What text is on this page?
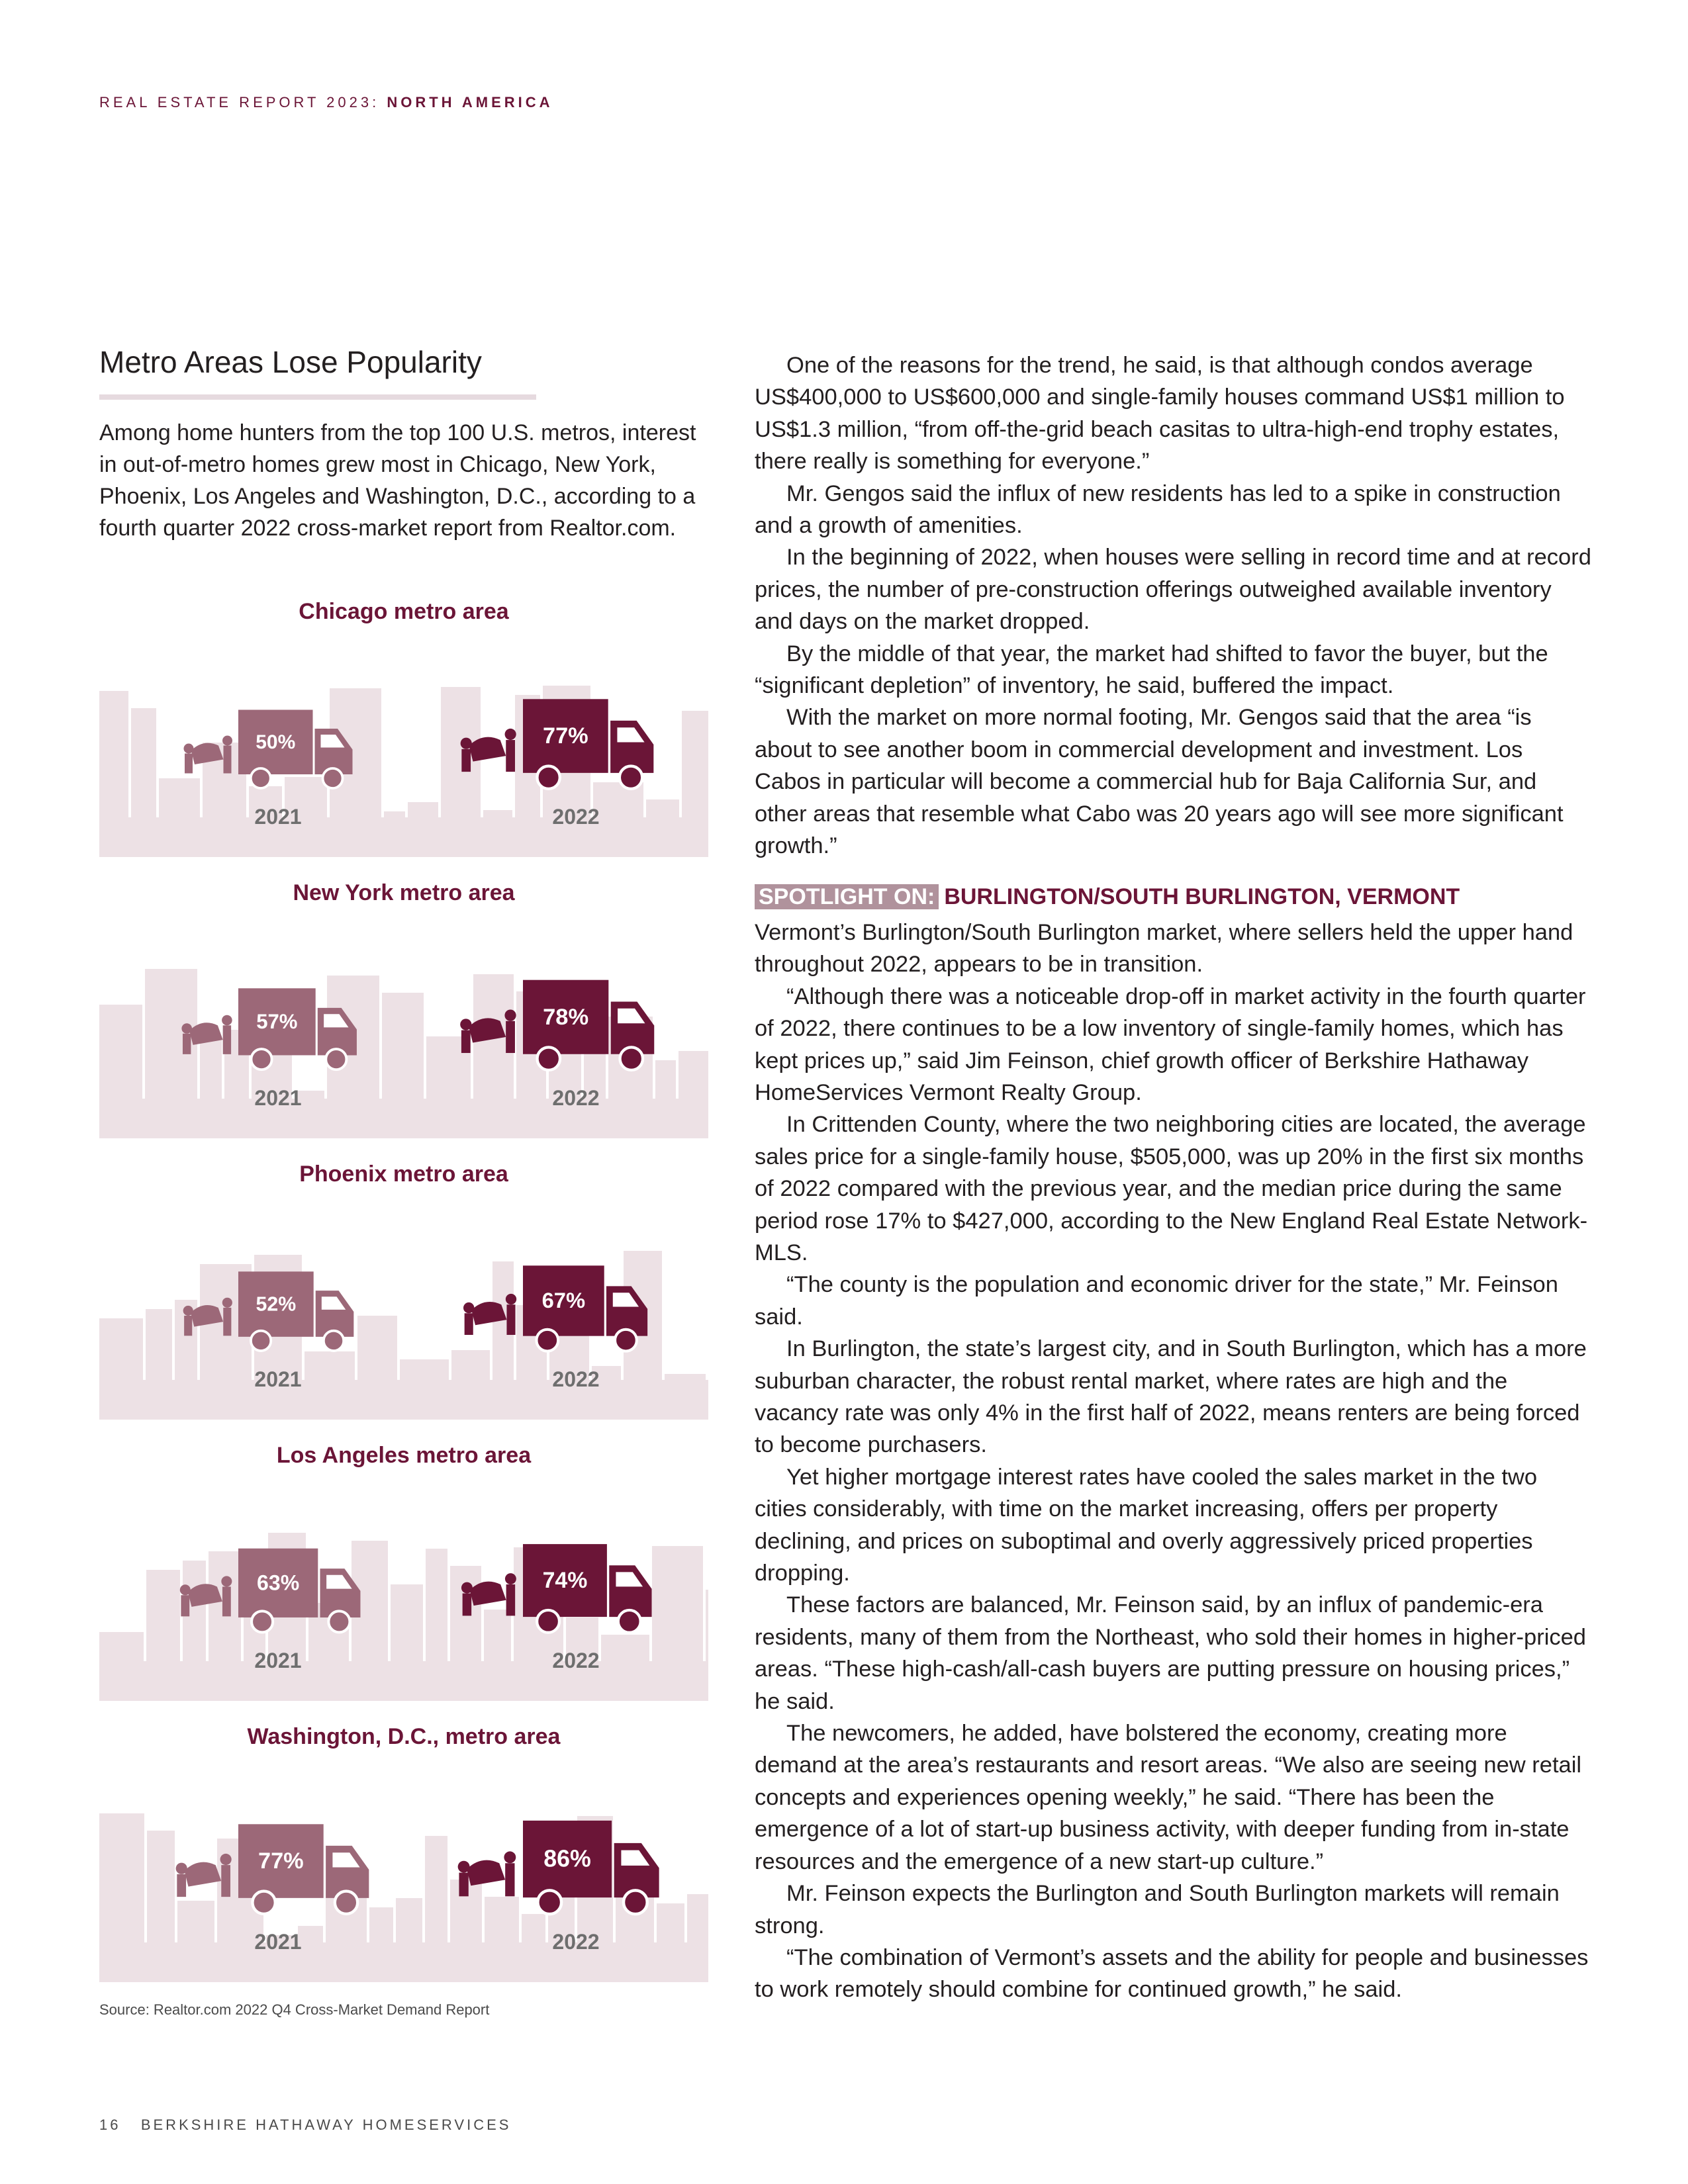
REAL ESTATE REPORT 2023: NORTH AMERICA
Metro Areas Lose Popularity
Among home hunters from the top 100 U.S. metros, interest in out-of-metro homes grew most in Chicago, New York, Phoenix, Los Angeles and Washington, D.C., according to a fourth quarter 2022 cross-market report from Realtor.com.
Chicago metro area
50%	77%
2021	2022
New York metro area
57%	78%
2021	2022
Phoenix metro area
52%	67%
2021	2022
Los Angeles metro area
63%	74%
2021	2022
Washington, D.C., metro area
77%	86%
2021	2022
Source: Realtor.com 2022 Q4 Cross-Market Demand Report

One of the reasons for the trend, he said, is that although condos average US$400,000 to US$600,000 and single-family houses command US$1 million to US$1.3 million, “from off-the-grid beach casitas to ultra-high-end trophy estates, there really is something for everyone.”

Mr. Gengos said the influx of new residents has led to a spike in construction and a growth of amenities.

In the beginning of 2022, when houses were selling in record time and at record prices, the number of pre-construction offerings outweighed available inventory and days on the market dropped.

By the middle of that year, the market had shifted to favor the buyer, but the “significant depletion” of inventory, he said, buffered the impact.

With the market on more normal footing, Mr. Gengos said that the area “is about to see another boom in commercial development and investment. Los Cabos in particular will become a commercial hub for Baja California Sur, and other areas that resemble what Cabo was 20 years ago will see more significant growth.”

SPOTLIGHT ON: BURLINGTON/SOUTH BURLINGTON, VERMONT

Vermont’s Burlington/South Burlington market, where sellers held the upper hand throughout 2022, appears to be in transition.

“Although there was a noticeable drop-off in market activity in the fourth quarter of 2022, there continues to be a low inventory of single-family homes, which has kept prices up,” said Jim Feinson, chief growth officer of Berkshire Hathaway HomeServices Vermont Realty Group.

In Crittenden County, where the two neighboring cities are located, the average sales price for a single-family house, $505,000, was up 20% in the first six months of 2022 compared with the previous year, and the median price during the same period rose 17% to $427,000, according to the New England Real Estate Network-MLS.

“The county is the population and economic driver for the state,” Mr. Feinson said.

In Burlington, the state’s largest city, and in South Burlington, which has a more suburban character, the robust rental market, where rates are high and the vacancy rate was only 4% in the first half of 2022, means renters are being forced to become purchasers.

Yet higher mortgage interest rates have cooled the sales market in the two cities considerably, with time on the market increasing, offers per property declining, and prices on suboptimal and overly aggressively priced properties dropping.

These factors are balanced, Mr. Feinson said, by an influx of pandemic-era residents, many of them from the Northeast, who sold their homes in higher-priced areas. “These high-cash/all-cash buyers are putting pressure on housing prices,” he said.

The newcomers, he added, have bolstered the economy, creating more demand at the area’s restaurants and resort areas. “We also are seeing new retail concepts and experiences opening weekly,” he said. “There has been the emergence of a lot of start-up business activity, with deeper funding from in-state resources and the emergence of a new start-up culture.”

Mr. Feinson expects the Burlington and South Burlington markets will remain strong.

“The combination of Vermont’s assets and the ability for people and businesses to work remotely should combine for continued growth,” he said.

16 BERKSHIRE HATHAWAY HOMESERVICES
